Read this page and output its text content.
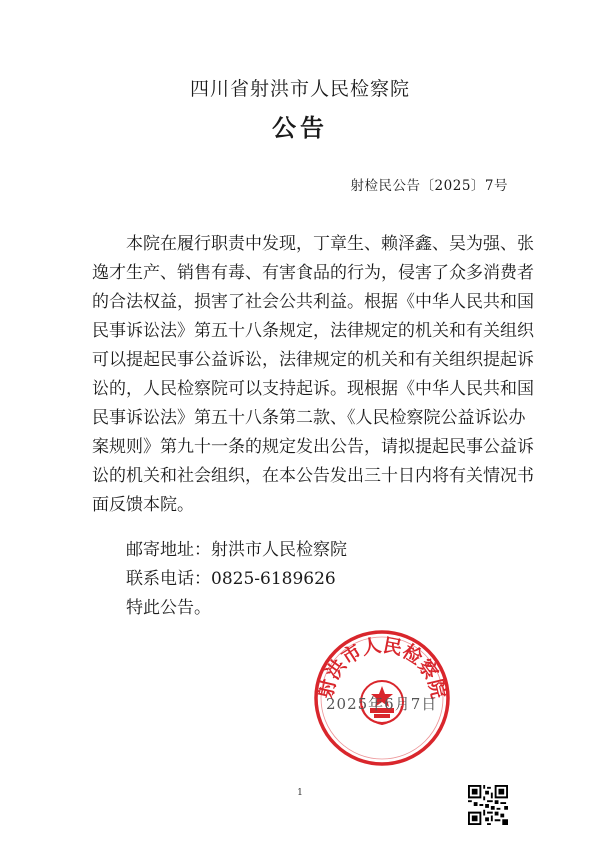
四川省射洪市人民检察院
公告
射检民公告〔2025〕7号
　　本院在履行职责中发现，丁章生、赖泽鑫、吴为强、张
逸才生产、销售有毒、有害食品的行为，侵害了众多消费者
的合法权益，损害了社会公共利益。根据《中华人民共和国
民事诉讼法》第五十八条规定，法律规定的机关和有关组织
可以提起民事公益诉讼，法律规定的机关和有关组织提起诉
讼的，人民检察院可以支持起诉。现根据《中华人民共和国
民事诉讼法》第五十八条第二款、《人民检察院公益诉讼办
案规则》第九十一条的规定发出公告，请拟提起民事公益诉
讼的机关和社会组织，在本公告发出三十日内将有关情况书
面反馈本院。
　　邮寄地址：射洪市人民检察院
　　联系电话：0825-6189626
　　特此公告。
射洪市人民检察院
2025年6月7日
1
